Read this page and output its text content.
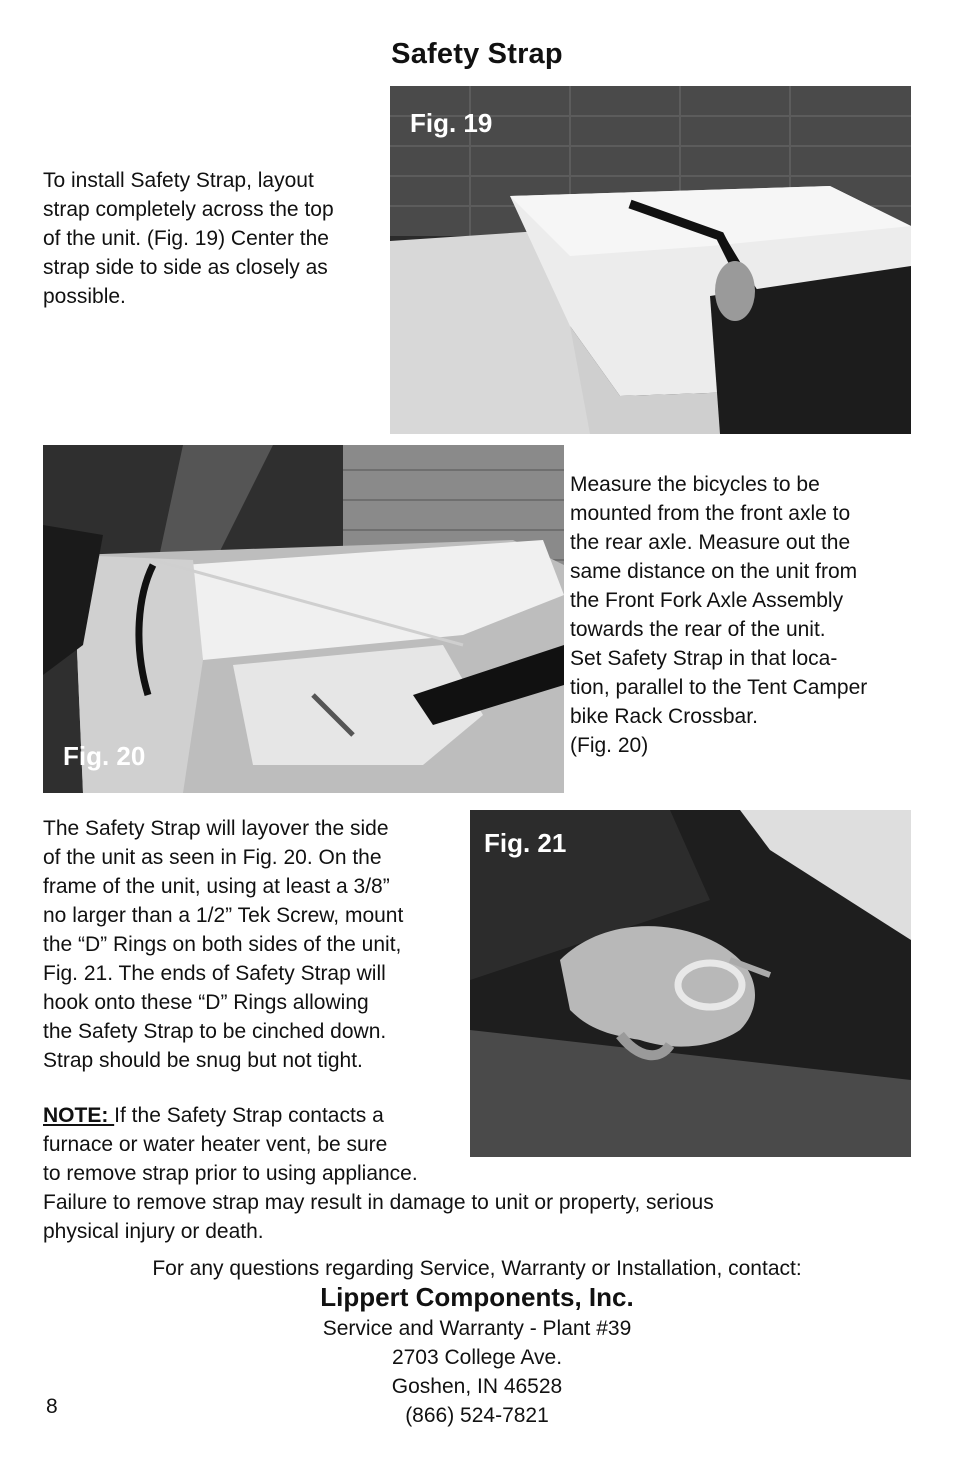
Safety Strap
To install Safety Strap, layout
strap completely across the top
of the unit. (Fig. 19) Center the
strap side to side as closely as
possible.
Fig. 19
Fig. 20
Measure the bicycles to be
mounted from the front axle to
the rear axle. Measure out the
same distance on the unit from
the Front Fork Axle Assembly
towards the rear of the unit.
Set Safety Strap in that loca-
tion, parallel to the Tent Camper
bike Rack Crossbar.
(Fig. 20)
The Safety Strap will layover the side
of the unit as seen in Fig. 20. On the
frame of the unit, using at least a 3/8”
no larger than a 1/2” Tek Screw, mount
the “D” Rings on both sides of the unit,
Fig. 21. The ends of Safety Strap will
hook onto these “D” Rings allowing
the Safety Strap to be cinched down.
Strap should be snug but not tight.
Fig. 21
NOTE: If the Safety Strap contacts a
furnace or water heater vent, be sure
to remove strap prior to using appliance.
Failure to remove strap may result in damage to unit or property, serious
physical injury or death.
For any questions regarding Service, Warranty or Installation, contact:
Lippert Components, Inc.
Service and Warranty - Plant #39
2703 College Ave.
Goshen, IN 46528
(866) 524-7821
8
